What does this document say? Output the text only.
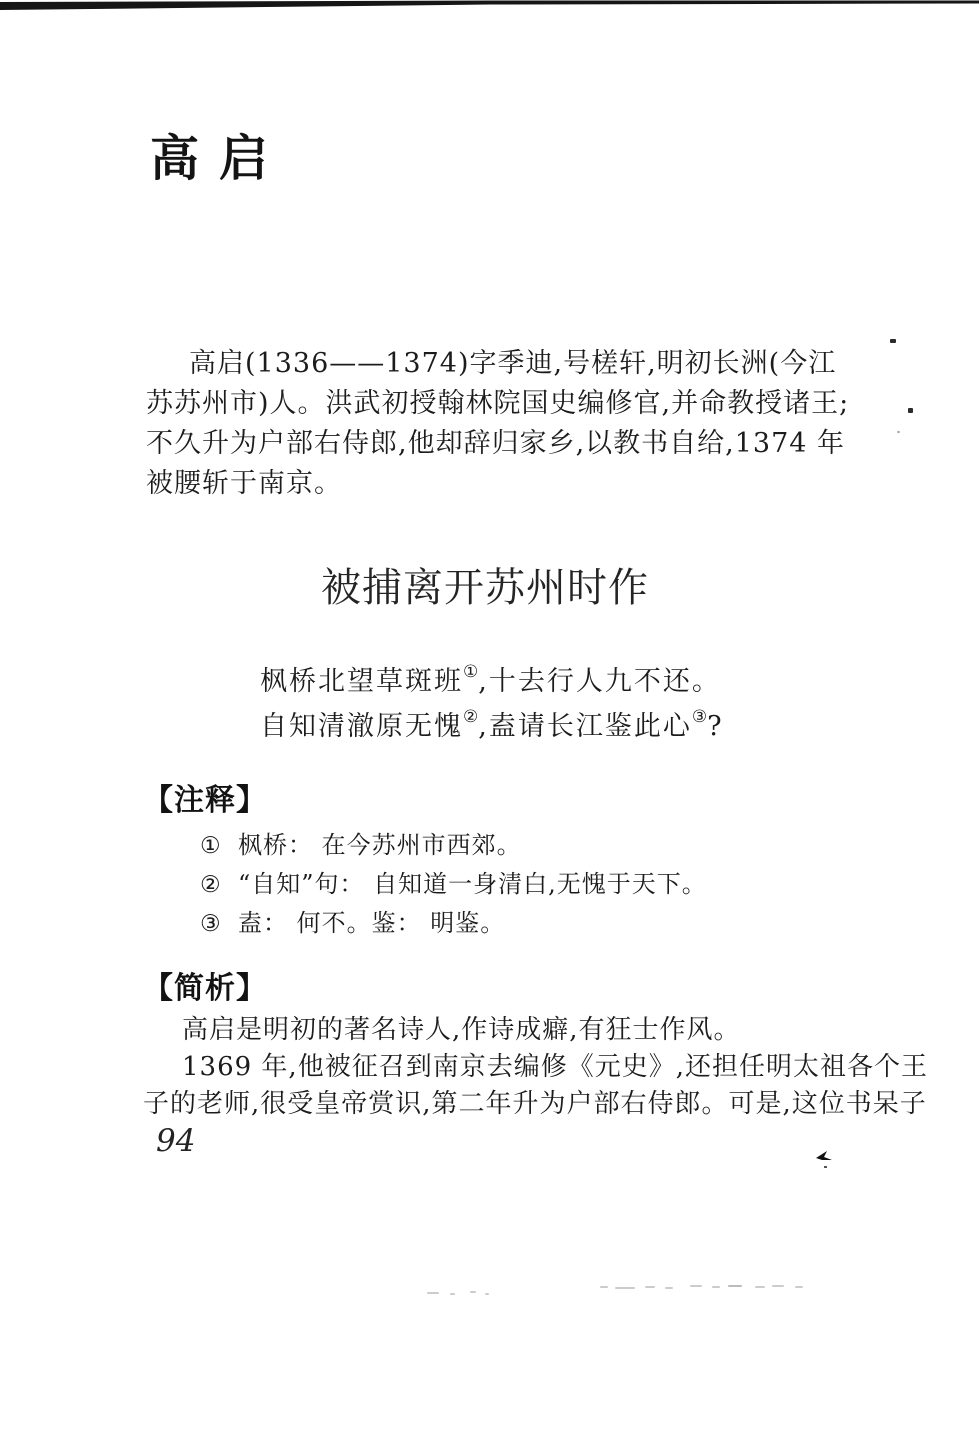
高 启
高启(1336——1374)字季迪,号槎轩,明初长洲(今江
苏苏州市)人。洪武初授翰林院国史编修官,并命教授诸王;
不久升为户部右侍郎,他却辞归家乡,以教书自给,1374 年
被腰斩于南京。
被捕离开苏州时作
枫桥北望草斑班①,十去行人九不还。
自知清澈原无愧②,盍请长江鉴此心③?
【注释】
① 枫桥： 在今苏州市西郊。
② “自知”句： 自知道一身清白,无愧于天下。
③ 盍： 何不。鉴： 明鉴。
【简析】
高启是明初的著名诗人,作诗成癖,有狂士作风。
1369 年,他被征召到南京去编修《元史》,还担任明太祖各个王
子的老师,很受皇帝赏识,第二年升为户部右侍郎。可是,这位书呆子
94
